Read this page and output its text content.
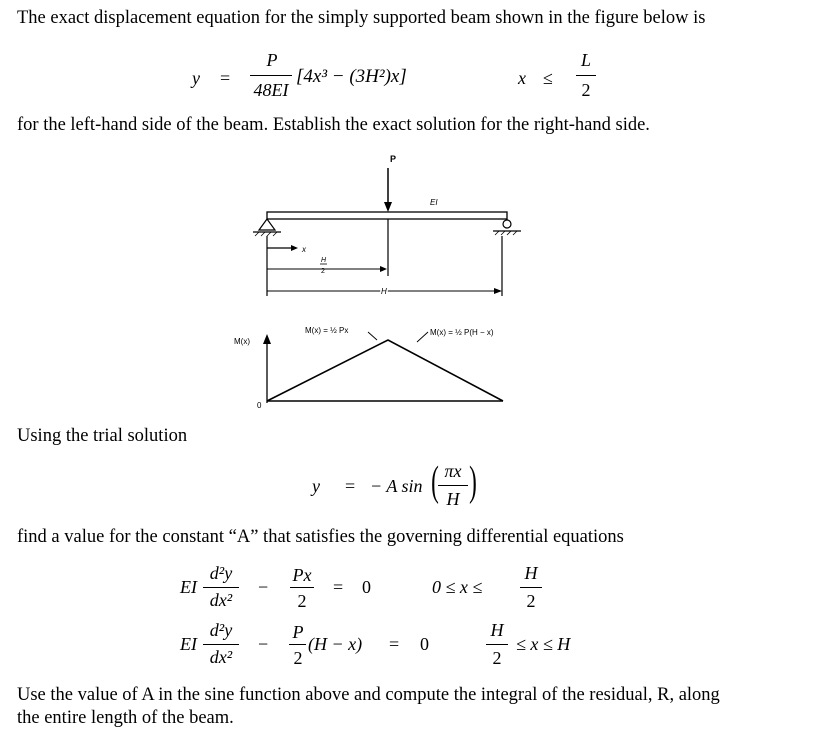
The exact displacement equation for the simply supported beam shown in the figure below is
y =
P
48EI
[4x³ − (3H²)x]	x ≤
L
2
for the left-hand side of the beam. Establish the exact solution for the right-hand side.
P
EI
x
H
2
H
M(x)
0
M(x) = ½ Px	M(x) = ½ P(H − x)
Using the trial solution
y = − A sin ( πx
H )
find a value for the constant “A” that satisfies the governing differential equations
EI
d²y
dx²
−
Px
2
= 0	0 ≤ x ≤
H
2
EI
d²y
dx²
−
P
2
(H − x) = 0
H
2
≤ x ≤ H
Use the value of A in the sine function above and compute the integral of the residual, R, along
the entire length of the beam.
